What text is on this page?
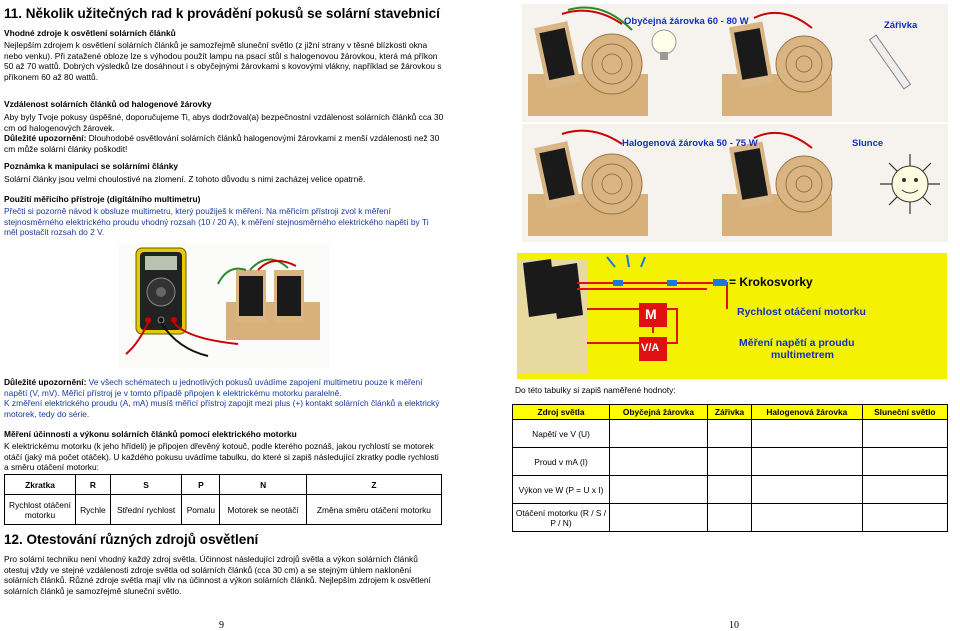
11. Několik užitečných rad k provádění pokusů se solární stavebnicí

Vhodné zdroje k osvětlení solárních článků

Nejlepším zdrojem k osvětlení solárních článků je samozřejmě sluneční světlo (z jižní strany v těsné blízkosti okna nebo venku). Při zatažené obloze lze s výhodou použít lampu na psací stůl s halogenovou žárovkou, která má příkon 50 až 70 wattů. Dobrých výsledků lze dosáhnout i s obyčejnými žárovkami s kovovými vlákny, například se žárovkou s příkonem 60 až 80 wattů.

Vzdálenost solárních článků od halogenové žárovky

Aby byly Tvoje pokusy úspěšné, doporučujeme Ti, abys dodržoval(a) bezpečnostní vzdálenost solárních článků cca 30 cm od halogenových žárovek.

Důležité upozornění: Dlouhodobé osvětlování solárních článků halogenovými žárovkami z menší vzdálenosti než 30 cm může solární články poškodit!

Poznámka k manipulaci se solárními články

Solární články jsou velmi choulostivé na zlomení. Z tohoto důvodu s nimi zacházej velice opatrně.

Použití měřicího přístroje (digitálního multimetru)

Přečti si pozorně návod k obsluze multimetru, který použiješ k měření. Na měřicím přístroji zvol k měření stejnosměrného elektrického proudu vhodný rozsah (10 / 20 A), k měření stejnosměrného elektrického napětí by Ti měl postačit rozsah do 2 V.

Důležité upozornění: Ve všech schématech u jednotlivých pokusů uvádíme zapojení multimetru pouze k měření napětí (V, mV). Měřicí přístroj je v tomto případě připojen k elektrickému motorku paralelně.

K změření elektrického proudu (A, mA) musíš měřicí přístroj zapojit mezi plus (+) kontakt solárních článků a elektrický motorek, tedy do série.

Měření účinnosti a výkonu solárních článků pomocí elektrického motorku

K elektrickému motorku (k jeho hřídeli) je připojen dřevěný kotouč, podle kterého poznáš, jakou rychlostí se motorek otáčí (jaký má počet otáček). U každého pokusu uvádíme tabulku, do které si zapiš následující zkratky podle rychlosti a směru otáčení motorku:

Zkratka	R	S	P	N	Z
Rychlost otáčení motorku	Rychle	Střední rychlost	Pomalu	Motorek se neotáčí	Změna směru otáčení motorku
12. Otestování různých zdrojů osvětlení

Pro solární techniku není vhodný každý zdroj světla. Účinnost následující zdrojů světla a výkon solárních článků otestuj vždy ve stejné vzdálenosti zdroje světla od solárních článků (cca 30 cm) a se stejným úhlem naklonění solárních článků. Různé zdroje světla mají vliv na účinnost a výkon solárních článků. Nejlepším zdrojem k osvětlení solárních článků je samozřejmě sluneční světlo.

9
Obyčejná žárovka 60 - 80 W	Zářivka
Halogenová žárovka 50 - 75 W	Slunce
= Krokosvorky
M	Rychlost otáčení motorku
V/A	Měření napětí a proudu
multimetrem

Do této tabulky si zapiš naměřené hodnoty:

Zdroj světla	Obyčejná žárovka	Zářivka	Halogenová žárovka	Sluneční světlo
Napětí ve V (U)				
Proud v mA (I)				
Výkon ve W (P = U x I)				
Otáčení motorku (R / S / P / N)				
10
